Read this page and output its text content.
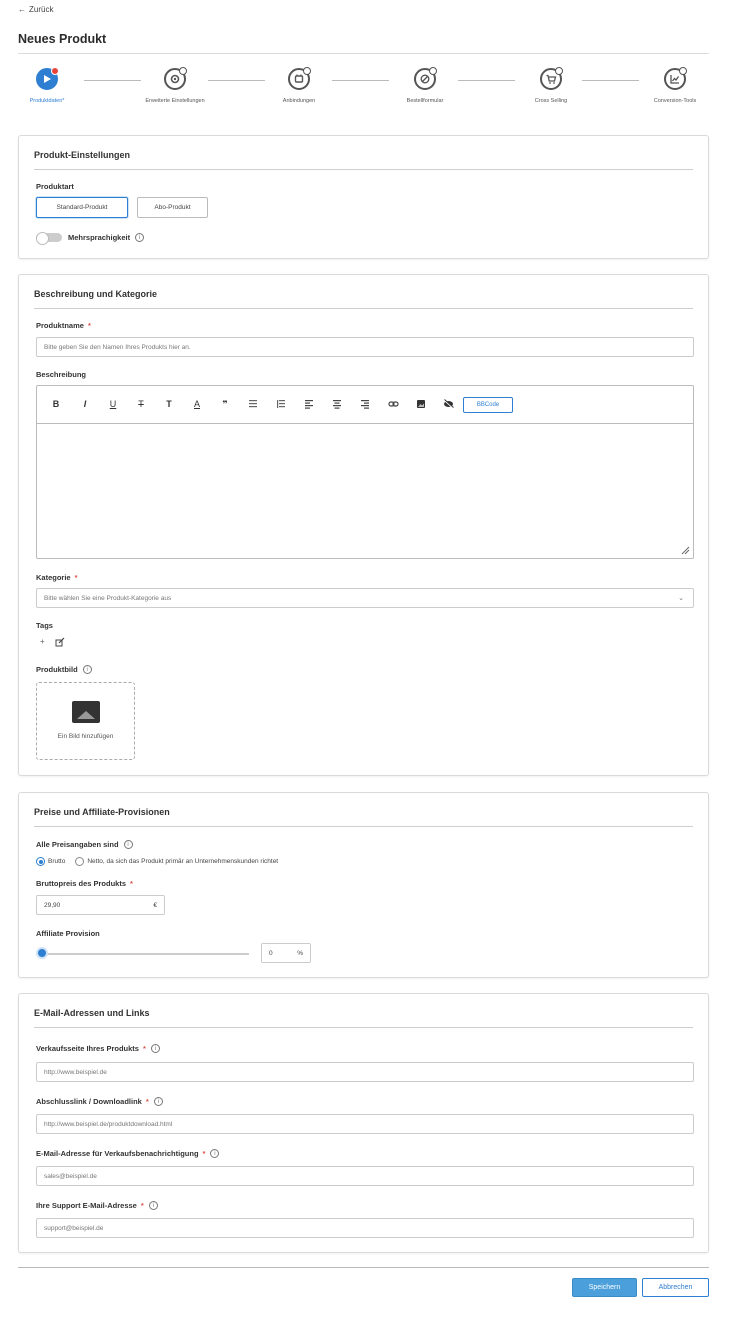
← Zurück
Neues Produkt
Produktdaten*	Erweiterte Einstellungen	Anbindungen	Bestellformular	Cross Selling	Conversion-Tools
Produkt-Einstellungen
Produktart
Standard-Produkt	Abo-Produkt
Mehrsprachigkeit	i
Beschreibung und Kategorie
Produktname *
Bitte geben Sie den Namen Ihres Produkts hier an.
Beschreibung
B	I	U	T	T	A	❞	BBCode
Kategorie *
Bitte wählen Sie eine Produkt-Kategorie aus	⌄
Tags
+
Produktbild	i
Ein Bild hinzufügen
Preise und Affiliate-Provisionen
Alle Preisangaben sind	i
Brutto	Netto, da sich das Produkt primär an Unternehmenskunden richtet
Bruttopreis des Produkts *
29,90	€
Affiliate Provision
0	%
E-Mail-Adressen und Links
Verkaufsseite Ihres Produkts *	i
http://www.beispiel.de
Abschlusslink / Downloadlink *	i
http://www.beispiel.de/produktdownload.html
E-Mail-Adresse für Verkaufsbenachrichtigung *	i
sales@beispiel.de
Ihre Support E-Mail-Adresse *	i
support@beispiel.de
Speichern	Abbrechen
